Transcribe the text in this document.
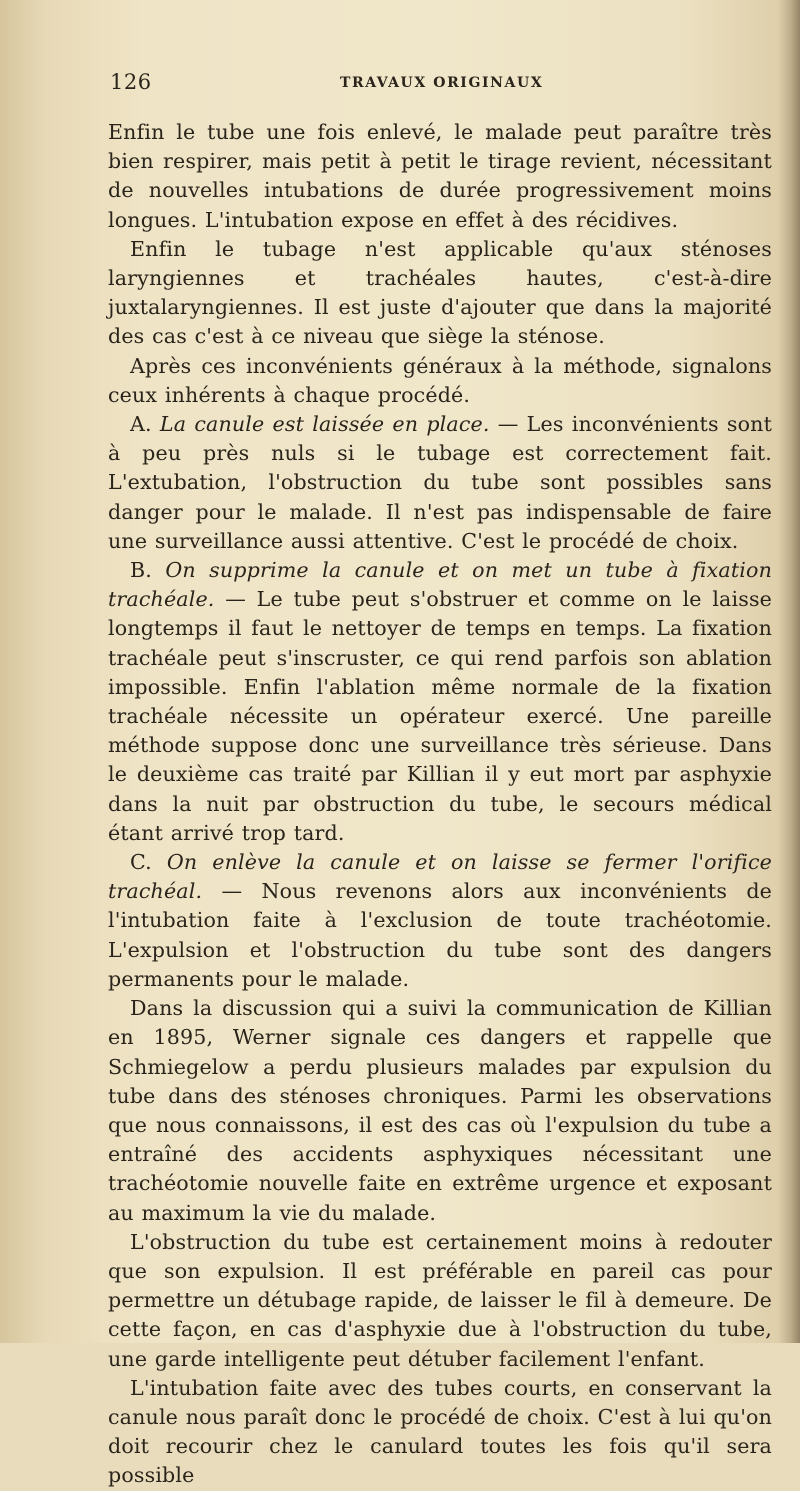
126	TRAVAUX ORIGINAUX

Enfin le tube une fois enlevé, le malade peut paraître très bien respirer, mais petit à petit le tirage revient, nécessitant de nouvelles intubations de durée progressivement moins longues. L'intubation expose en effet à des récidives.

Enfin le tubage n'est applicable qu'aux sténoses laryngiennes et trachéales hautes, c'est-à-dire juxtalaryngiennes. Il est juste d'ajouter que dans la majorité des cas c'est à ce niveau que siège la sténose.

Après ces inconvénients généraux à la méthode, signalons ceux inhérents à chaque procédé.

A. La canule est laissée en place. — Les inconvénients sont à peu près nuls si le tubage est correctement fait. L'extubation, l'obstruction du tube sont possibles sans danger pour le malade. Il n'est pas indispensable de faire une surveillance aussi attentive. C'est le procédé de choix.

B. On supprime la canule et on met un tube à fixation trachéale. — Le tube peut s'obstruer et comme on le laisse longtemps il faut le nettoyer de temps en temps. La fixation trachéale peut s'inscruster, ce qui rend parfois son ablation impossible. Enfin l'ablation même normale de la fixation trachéale nécessite un opérateur exercé. Une pareille méthode suppose donc une surveillance très sérieuse. Dans le deuxième cas traité par Killian il y eut mort par asphyxie dans la nuit par obstruction du tube, le secours médical étant arrivé trop tard.

C. On enlève la canule et on laisse se fermer l'orifice trachéal. — Nous revenons alors aux inconvénients de l'intubation faite à l'exclusion de toute trachéotomie. L'expulsion et l'obstruction du tube sont des dangers permanents pour le malade.

Dans la discussion qui a suivi la communication de Killian en 1895, Werner signale ces dangers et rappelle que Schmiegelow a perdu plusieurs malades par expulsion du tube dans des sténoses chroniques. Parmi les observations que nous connaissons, il est des cas où l'expulsion du tube a entraîné des accidents asphyxiques nécessitant une trachéotomie nouvelle faite en extrême urgence et exposant au maximum la vie du malade.

L'obstruction du tube est certainement moins à redouter que son expulsion. Il est préférable en pareil cas pour permettre un détubage rapide, de laisser le fil à demeure. De cette façon, en cas d'asphyxie due à l'obstruction du tube, une garde intelligente peut détuber facilement l'enfant.

L'intubation faite avec des tubes courts, en conservant la canule nous paraît donc le procédé de choix. C'est à lui qu'on doit recourir chez le canulard toutes les fois qu'il sera possible
